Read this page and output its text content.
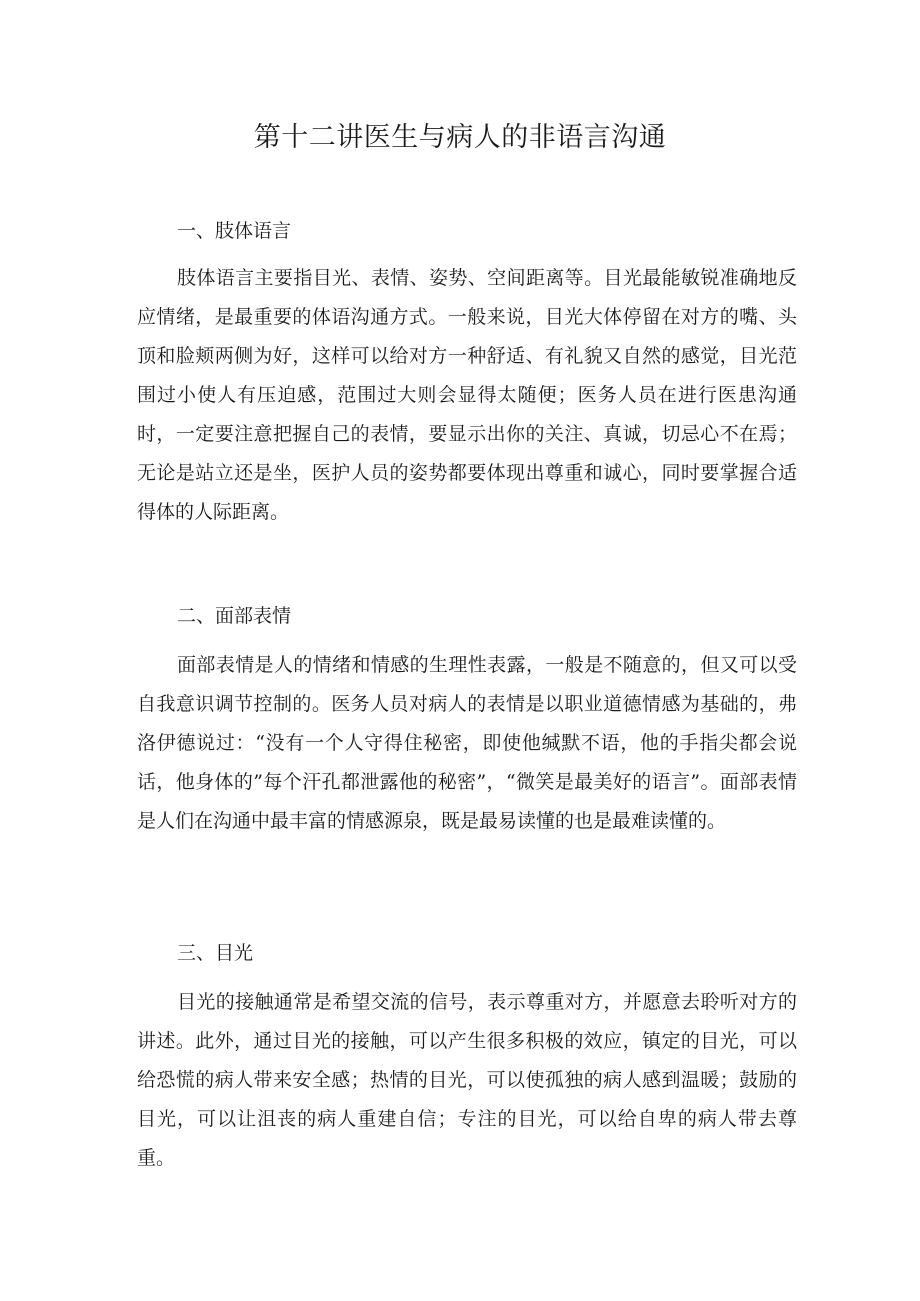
第十二讲医生与病人的非语言沟通
一、肢体语言

肢体语言主要指目光、表情、姿势、空间距离等。目光最能敏锐准确地反应情绪，是最重要的体语沟通方式。一般来说，目光大体停留在对方的嘴、头顶和脸颊两侧为好，这样可以给对方一种舒适、有礼貌又自然的感觉，目光范围过小使人有压迫感，范围过大则会显得太随便；医务人员在进行医患沟通时，一定要注意把握自己的表情，要显示出你的关注、真诚，切忌心不在焉；无论是站立还是坐，医护人员的姿势都要体现出尊重和诚心，同时要掌握合适得体的人际距离。

二、面部表情

面部表情是人的情绪和情感的生理性表露，一般是不随意的，但又可以受自我意识调节控制的。医务人员对病人的表情是以职业道德情感为基础的，弗洛伊德说过：“没有一个人守得住秘密，即使他缄默不语，他的手指尖都会说话，他身体的”每个汗孔都泄露他的秘密”，“微笑是最美好的语言”。面部表情是人们在沟通中最丰富的情感源泉，既是最易读懂的也是最难读懂的。

三、目光

目光的接触通常是希望交流的信号，表示尊重对方，并愿意去聆听对方的讲述。此外，通过目光的接触，可以产生很多积极的效应，镇定的目光，可以给恐慌的病人带来安全感；热情的目光，可以使孤独的病人感到温暖；鼓励的目光，可以让沮丧的病人重建自信；专注的目光，可以给自卑的病人带去尊重。
